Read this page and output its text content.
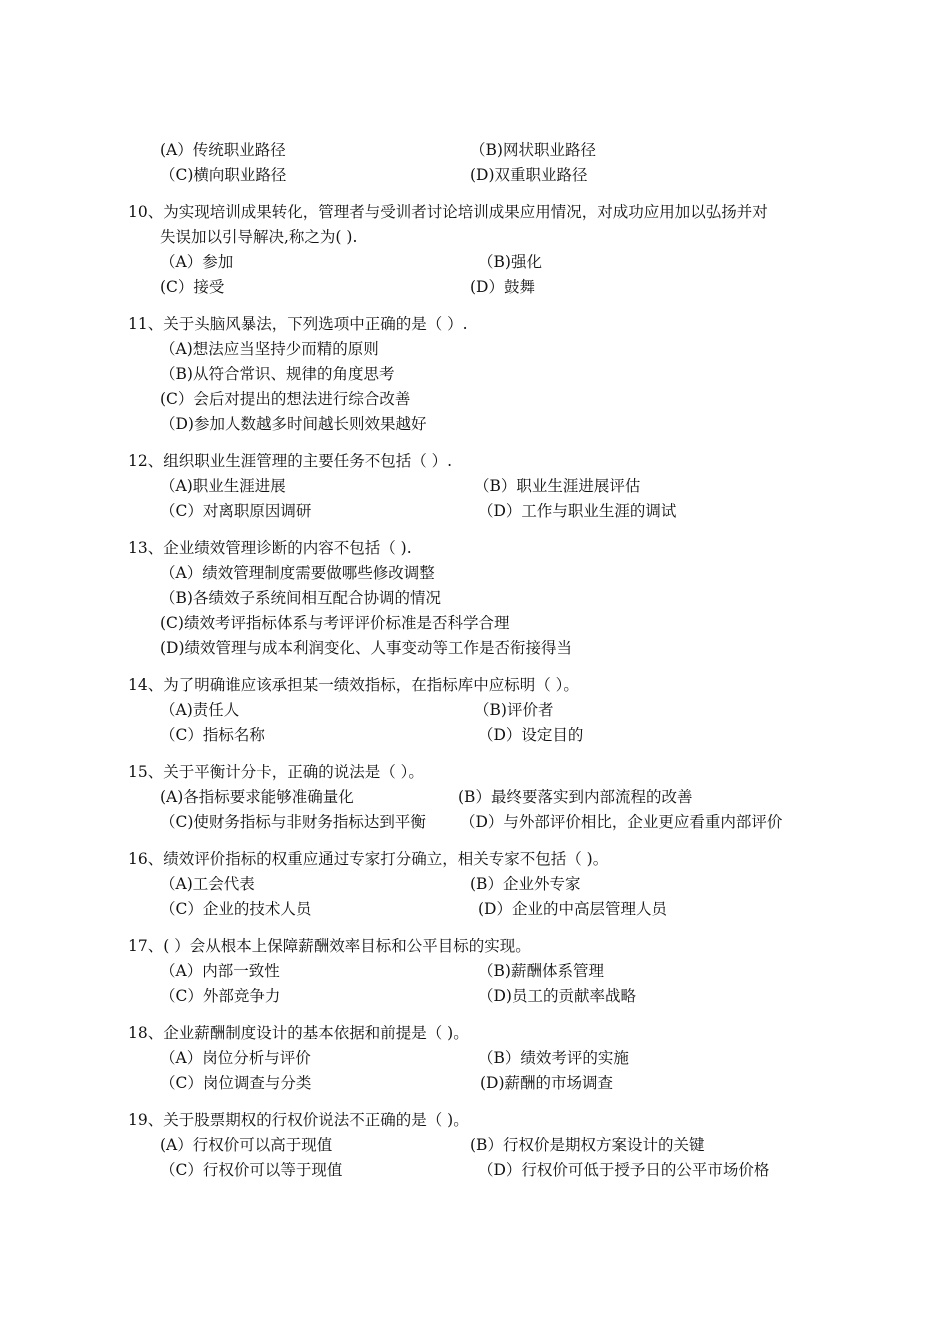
(A）传统职业路径	（B)网状职业路径
（C)横向职业路径	(D)双重职业路径
10、为实现培训成果转化，管理者与受训者讨论培训成果应用情况，对成功应用加以弘扬并对
失误加以引导解决,称之为( ).
（A）参加	（B)强化
(C）接受	(D）鼓舞
11、关于头脑风暴法，下列选项中正确的是（ ）.
（A)想法应当坚持少而精的原则
（B)从符合常识、规律的角度思考
(C）会后对提出的想法进行综合改善
（D)参加人数越多时间越长则效果越好
12、组织职业生涯管理的主要任务不包括（ ）.
（A)职业生涯进展	（B）职业生涯进展评估
（C）对离职原因调研	（D）工作与职业生涯的调试
13、企业绩效管理诊断的内容不包括（ ).
（A）绩效管理制度需要做哪些修改调整
（B)各绩效子系统间相互配合协调的情况
(C)绩效考评指标体系与考评评价标准是否科学合理
(D)绩效管理与成本利润变化、人事变动等工作是否衔接得当
14、为了明确谁应该承担某一绩效指标，在指标库中应标明（ ）。
（A)责任人	（B)评价者
（C）指标名称	（D）设定目的
15、关于平衡计分卡，正确的说法是（ ）。
(A)各指标要求能够准确量化	(B）最终要落实到内部流程的改善
（C)使财务指标与非财务指标达到平衡 （D）与外部评价相比，企业更应看重内部评价
16、绩效评价指标的权重应通过专家打分确立，相关专家不包括（ )。
（A)工会代表	(B）企业外专家
（C）企业的技术人员	(D）企业的中高层管理人员
17、( ）会从根本上保障薪酬效率目标和公平目标的实现。
（A）内部一致性	（B)薪酬体系管理
（C）外部竞争力	（D)员工的贡献率战略
18、企业薪酬制度设计的基本依据和前提是（ )。
（A）岗位分析与评价	（B）绩效考评的实施
（C）岗位调查与分类	(D)薪酬的市场调查
19、关于股票期权的行权价说法不正确的是（ )。
(A）行权价可以高于现值	(B）行权价是期权方案设计的关键
（C）行权价可以等于现值	（D）行权价可低于授予日的公平市场价格
